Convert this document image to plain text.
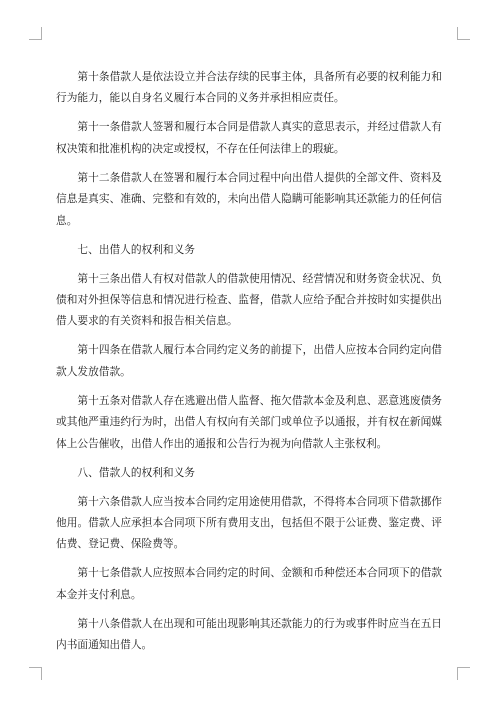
第十条借款人是依法设立并合法存续的民事主体，具备所有必要的权利能力和行为能力，能以自身名义履行本合同的义务并承担相应责任。

第十一条借款人签署和履行本合同是借款人真实的意思表示，并经过借款人有权决策和批准机构的决定或授权，不存在任何法律上的瑕疵。

第十二条借款人在签署和履行本合同过程中向出借人提供的全部文件、资料及信息是真实、准确、完整和有效的，未向出借人隐瞒可能影响其还款能力的任何信息。

七、出借人的权利和义务

第十三条出借人有权对借款人的借款使用情况、经营情况和财务资金状况、负债和对外担保等信息和情况进行检查、监督，借款人应给予配合并按时如实提供出借人要求的有关资料和报告相关信息。

第十四条在借款人履行本合同约定义务的前提下，出借人应按本合同约定向借款人发放借款。

第十五条对借款人存在逃避出借人监督、拖欠借款本金及利息、恶意逃废债务或其他严重违约行为时，出借人有权向有关部门或单位予以通报，并有权在新闻媒体上公告催收，出借人作出的通报和公告行为视为向借款人主张权利。

八、借款人的权利和义务

第十六条借款人应当按本合同约定用途使用借款，不得将本合同项下借款挪作他用。借款人应承担本合同项下所有费用支出，包括但不限于公证费、鉴定费、评估费、登记费、保险费等。

第十七条借款人应按照本合同约定的时间、金额和币种偿还本合同项下的借款本金并支付利息。

第十八条借款人在出现和可能出现影响其还款能力的行为或事件时应当在五日内书面通知出借人。
